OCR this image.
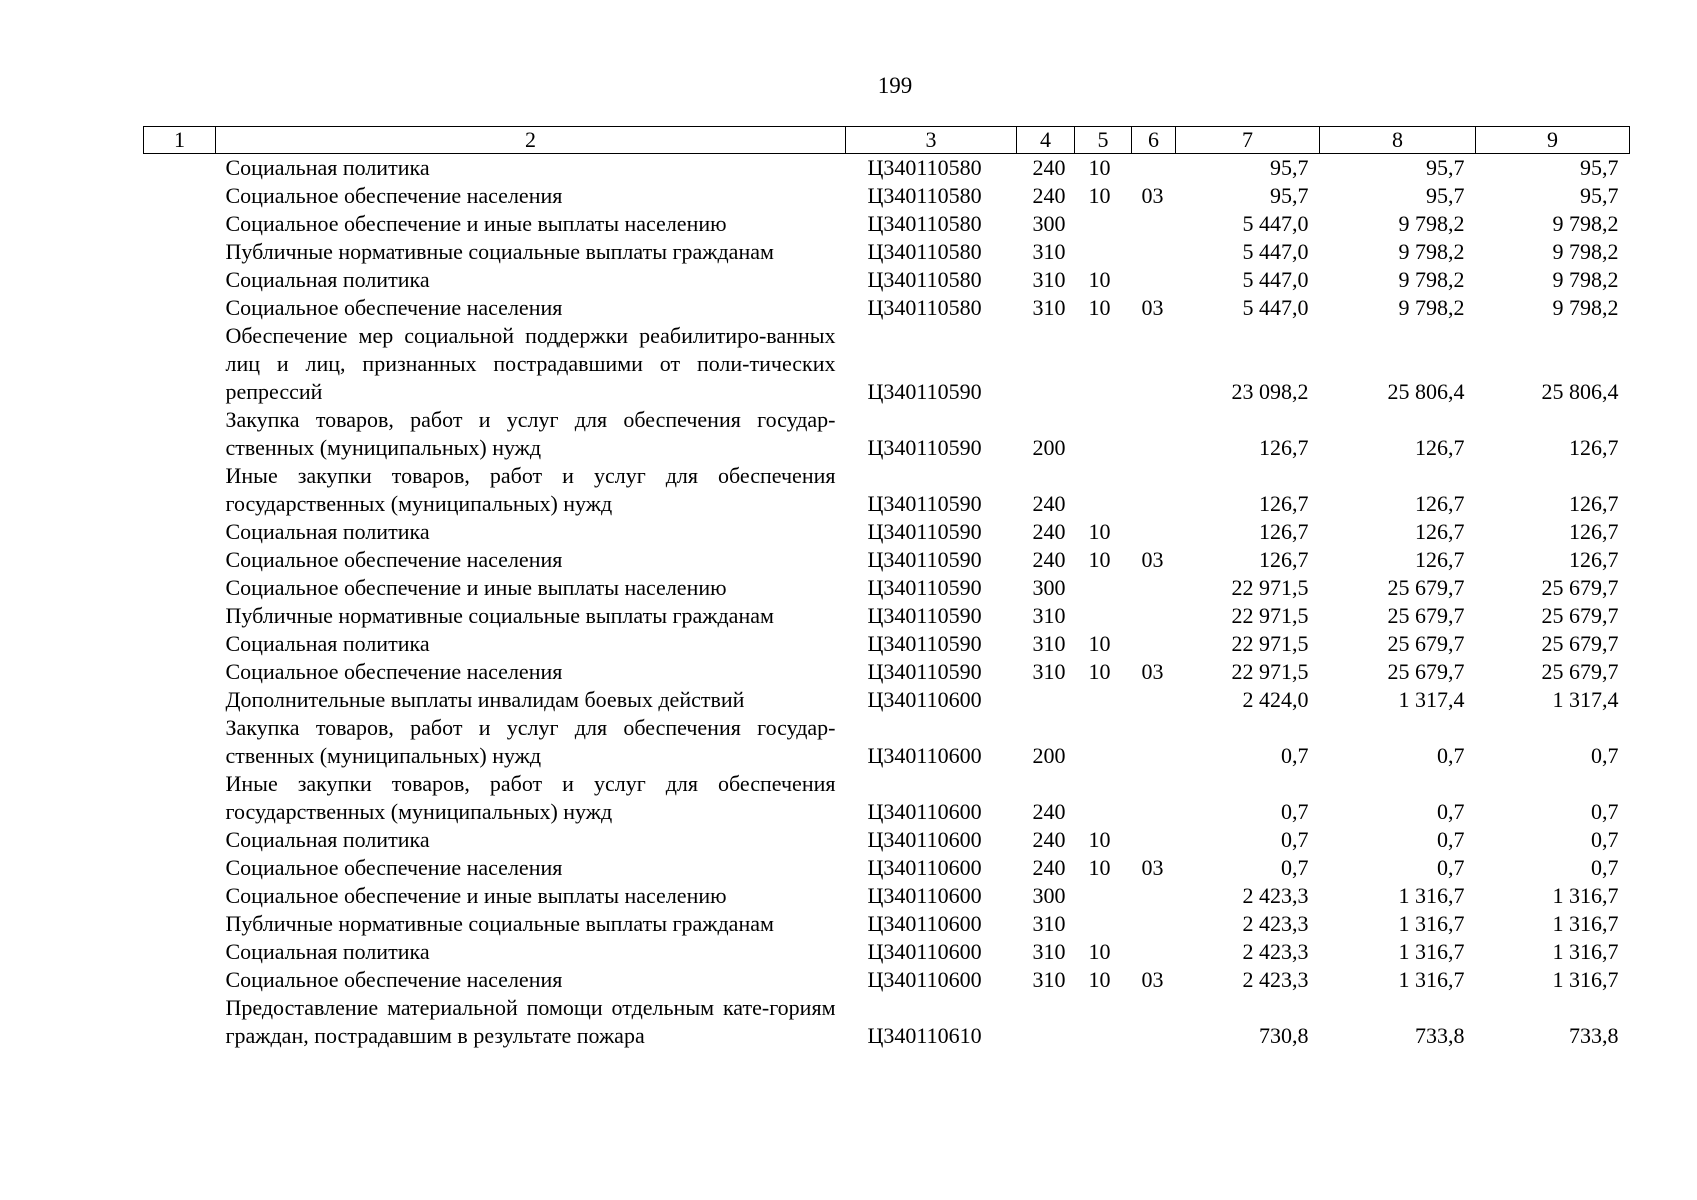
199
1	2	3	4	5	6	7	8	9
	Социальная политика	Ц340110580	240	10		95,7	95,7	95,7
	Социальное обеспечение населения	Ц340110580	240	10	03	95,7	95,7	95,7
	Социальное обеспечение и иные выплаты населению	Ц340110580	300			5 447,0	9 798,2	9 798,2
	Публичные нормативные социальные выплаты гражданам	Ц340110580	310			5 447,0	9 798,2	9 798,2
	Социальная политика	Ц340110580	310	10		5 447,0	9 798,2	9 798,2
	Социальное обеспечение населения	Ц340110580	310	10	03	5 447,0	9 798,2	9 798,2
	Обеспечение мер социальной поддержки реабилитиро-ванных лиц и лиц, признанных пострадавшими от поли-тических репрессий	Ц340110590				23 098,2	25 806,4	25 806,4
	Закупка товаров, работ и услуг для обеспечения государ-ственных (муниципальных) нужд	Ц340110590	200			126,7	126,7	126,7
	Иные закупки товаров, работ и услуг для обеспечения государственных (муниципальных) нужд	Ц340110590	240			126,7	126,7	126,7
	Социальная политика	Ц340110590	240	10		126,7	126,7	126,7
	Социальное обеспечение населения	Ц340110590	240	10	03	126,7	126,7	126,7
	Социальное обеспечение и иные выплаты населению	Ц340110590	300			22 971,5	25 679,7	25 679,7
	Публичные нормативные социальные выплаты гражданам	Ц340110590	310			22 971,5	25 679,7	25 679,7
	Социальная политика	Ц340110590	310	10		22 971,5	25 679,7	25 679,7
	Социальное обеспечение населения	Ц340110590	310	10	03	22 971,5	25 679,7	25 679,7
	Дополнительные выплаты инвалидам боевых действий	Ц340110600				2 424,0	1 317,4	1 317,4
	Закупка товаров, работ и услуг для обеспечения государ-ственных (муниципальных) нужд	Ц340110600	200			0,7	0,7	0,7
	Иные закупки товаров, работ и услуг для обеспечения государственных (муниципальных) нужд	Ц340110600	240			0,7	0,7	0,7
	Социальная политика	Ц340110600	240	10		0,7	0,7	0,7
	Социальное обеспечение населения	Ц340110600	240	10	03	0,7	0,7	0,7
	Социальное обеспечение и иные выплаты населению	Ц340110600	300			2 423,3	1 316,7	1 316,7
	Публичные нормативные социальные выплаты гражданам	Ц340110600	310			2 423,3	1 316,7	1 316,7
	Социальная политика	Ц340110600	310	10		2 423,3	1 316,7	1 316,7
	Социальное обеспечение населения	Ц340110600	310	10	03	2 423,3	1 316,7	1 316,7
	Предоставление материальной помощи отдельным кате-гориям граждан, пострадавшим в результате пожара	Ц340110610				730,8	733,8	733,8
